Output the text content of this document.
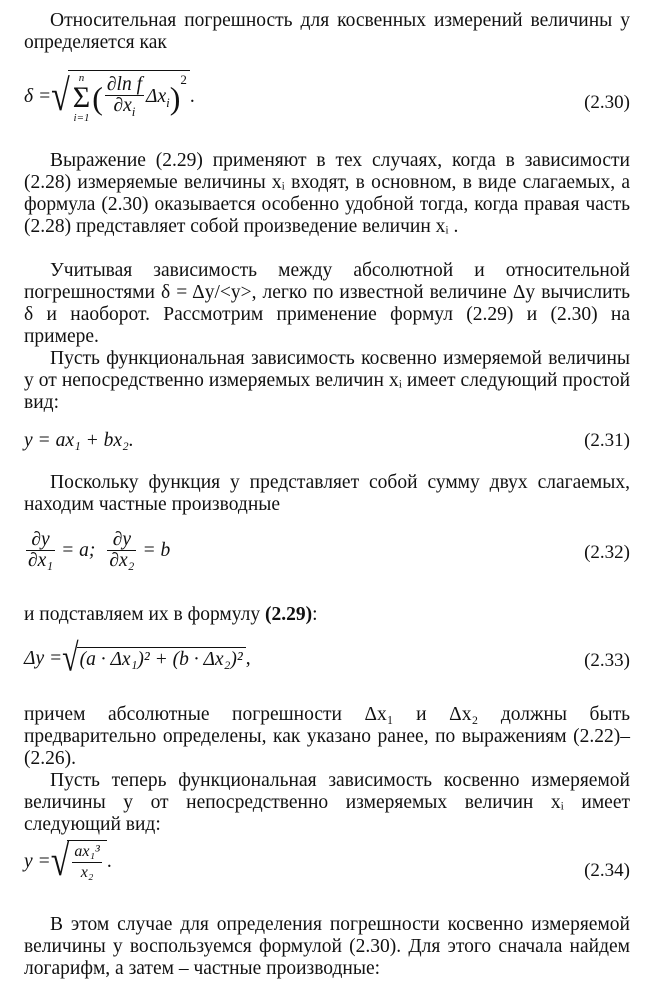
Относительная погрешность для косвенных измерений величины y определяется как

δ = √ n
Σ
i=1
( $\frac{\text{∂ln f}}{\partial x_i} \Delta x_i$ )$^2$
.	(2.30)

Выражение (2.29) применяют в тех случаях, когда в зависимости (2.28) измеряемые величины xᵢ входят, в основном, в виде слагаемых, а формула (2.30) оказывается особенно удобной тогда, когда правая часть (2.28) представляет собой произведение величин xᵢ .

Учитывая зависимость между абсолютной и относительной погрешностями δ = Δy/<y>, легко по известной величине Δy вычислить δ и наоборот. Рассмотрим применение формул (2.29) и (2.30) на примере.

Пусть функциональная зависимость косвенно измеряемой величины y от непосредственно измеряемых величин xᵢ имеет следующий простой вид:

y = ax₁ + bx₂.	(2.31)

Поскольку функция y представляет собой сумму двух слагаемых, находим частные производные

$\frac{\partial y}{\text{∂x₁}} = a$; $\frac{\partial y}{\text{∂x₂}} = b$	(2.32)

и подставляем их в формулу (2.29):

Δy = √ (a · Δx₁)² + (b · Δx₂)² ,	(2.33)

причем абсолютные погрешности Δx₁ и Δx₂ должны быть предварительно определены, как указано ранее, по выражениям (2.22)–(2.26).

Пусть теперь функциональная зависимость косвенно измеряемой величины y от непосредственно измеряемых величин xᵢ имеет следующий вид:

y = √ $\frac{\text{ax₁³}}{\text{x₂}}$ .	(2.34)

В этом случае для определения погрешности косвенно измеряемой величины y воспользуемся формулой (2.30). Для этого сначала найдем логарифм, а затем – частные производные:
